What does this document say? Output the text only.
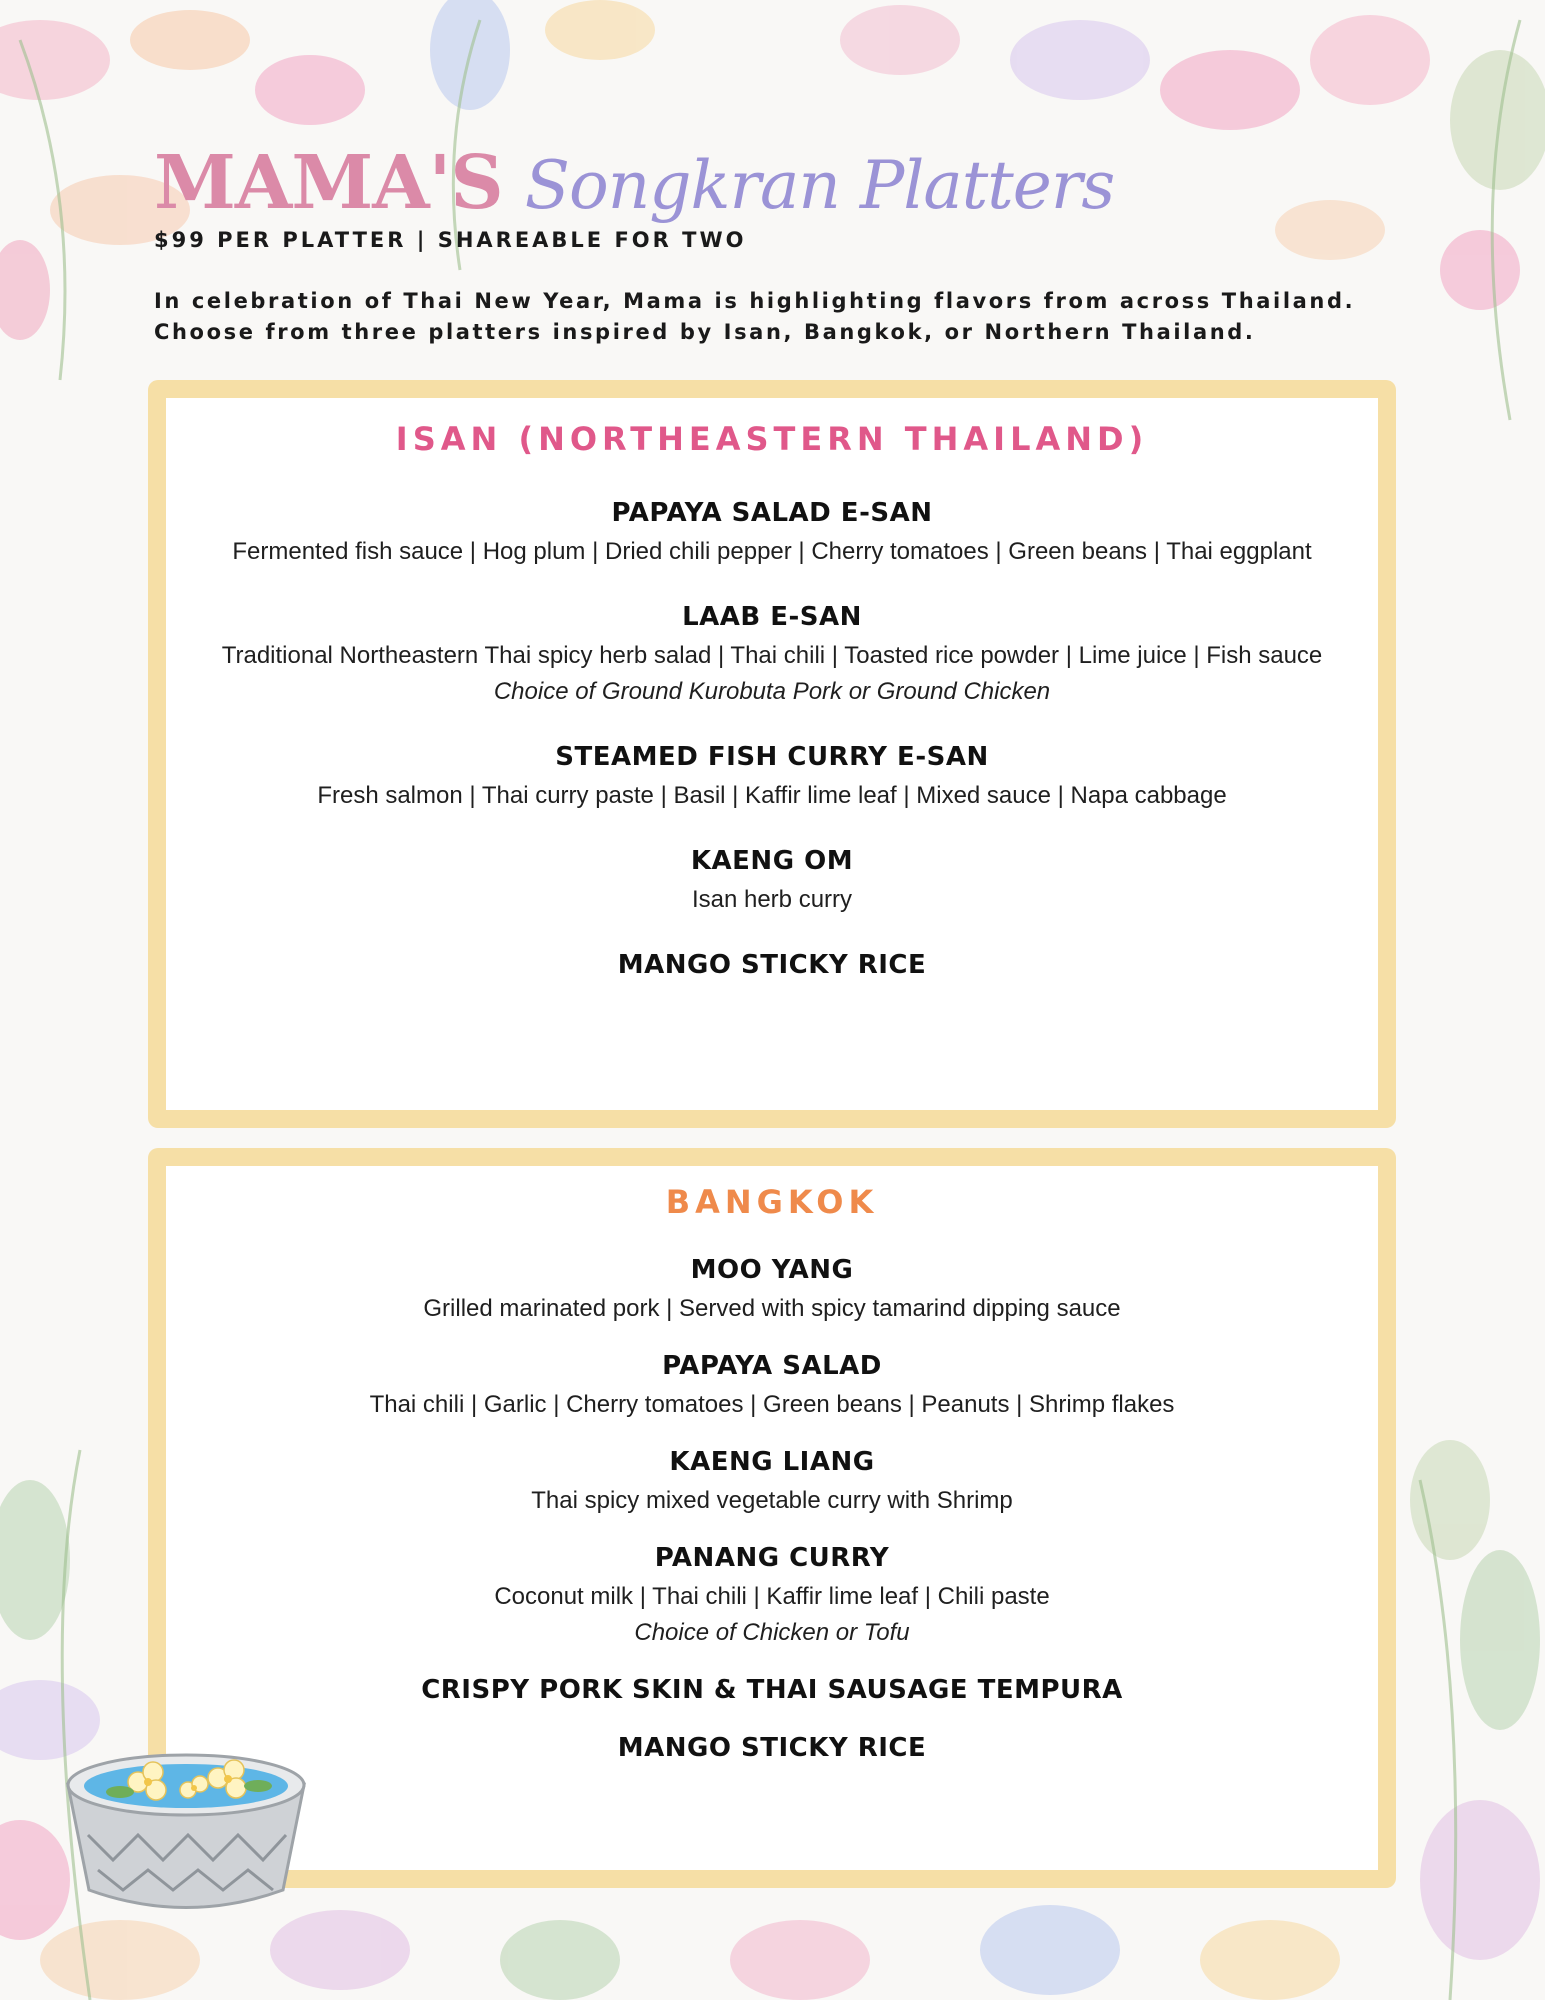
MAMA'S Songkran Platters
$99 PER PLATTER | SHAREABLE FOR TWO
In celebration of Thai New Year, Mama is highlighting flavors from across Thailand.
Choose from three platters inspired by Isan, Bangkok, or Northern Thailand.
ISAN (NORTHEASTERN THAILAND)
PAPAYA SALAD E-SAN
Fermented fish sauce | Hog plum | Dried chili pepper | Cherry tomatoes | Green beans | Thai eggplant
LAAB E-SAN
Traditional Northeastern Thai spicy herb salad | Thai chili | Toasted rice powder | Lime juice | Fish sauce
Choice of Ground Kurobuta Pork or Ground Chicken
STEAMED FISH CURRY E-SAN
Fresh salmon | Thai curry paste | Basil | Kaffir lime leaf | Mixed sauce | Napa cabbage
KAENG OM
Isan herb curry
MANGO STICKY RICE
BANGKOK
MOO YANG
Grilled marinated pork | Served with spicy tamarind dipping sauce
PAPAYA SALAD
Thai chili | Garlic | Cherry tomatoes | Green beans | Peanuts | Shrimp flakes
KAENG LIANG
Thai spicy mixed vegetable curry with Shrimp
PANANG CURRY
Coconut milk | Thai chili | Kaffir lime leaf | Chili paste
Choice of Chicken or Tofu
CRISPY PORK SKIN & THAI SAUSAGE TEMPURA
MANGO STICKY RICE
